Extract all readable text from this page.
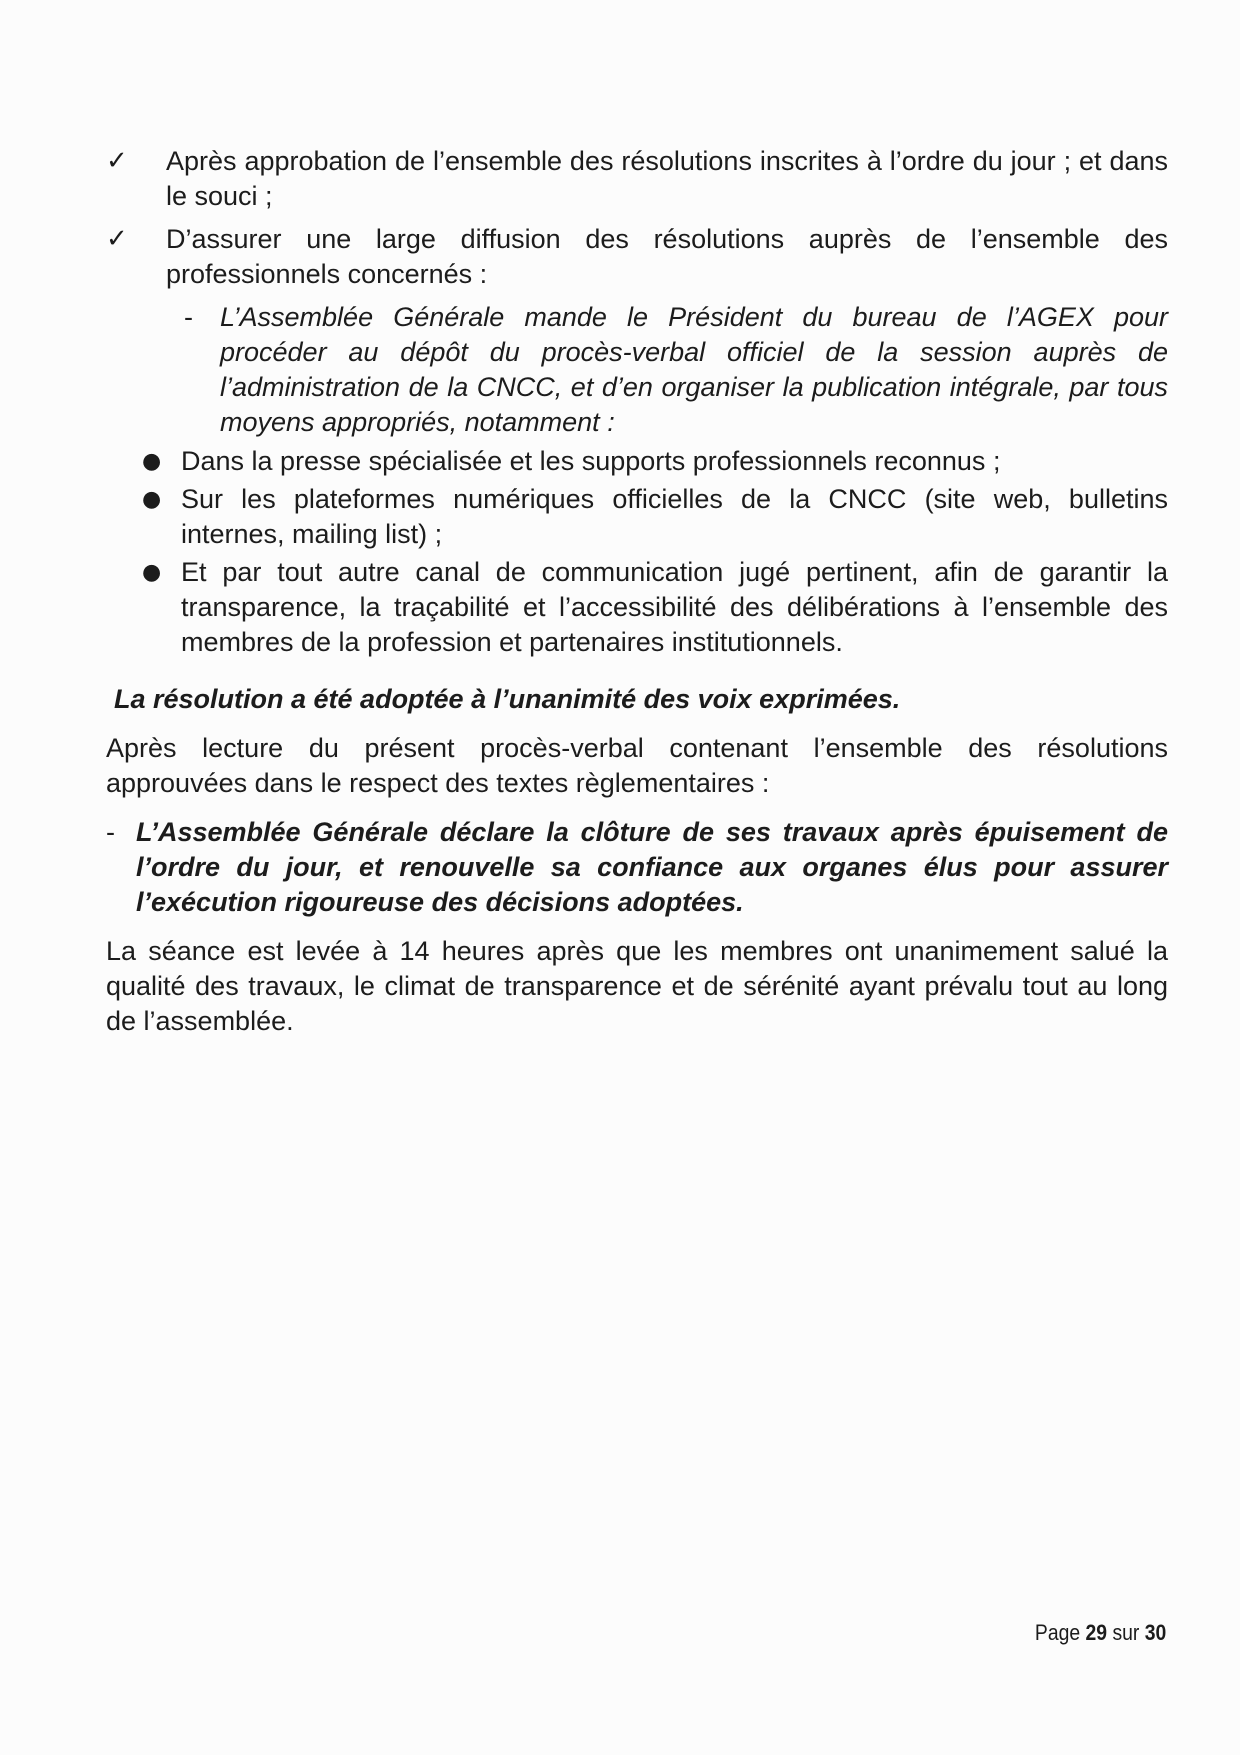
✓ Après approbation de l’ensemble des résolutions inscrites à l’ordre du jour ; et dans le souci ;
✓ D’assurer une large diffusion des résolutions auprès de l’ensemble des professionnels concernés :
- L’Assemblée Générale mande le Président du bureau de l’AGEX pour procéder au dépôt du procès-verbal officiel de la session auprès de l’administration de la CNCC, et d’en organiser la publication intégrale, par tous moyens appropriés, notamment :
● Dans la presse spécialisée et les supports professionnels reconnus ;
● Sur les plateformes numériques officielles de la CNCC (site web, bulletins internes, mailing list) ;
● Et par tout autre canal de communication jugé pertinent, afin de garantir la transparence, la traçabilité et l’accessibilité des délibérations à l’ensemble des membres de la profession et partenaires institutionnels.
La résolution a été adoptée à l’unanimité des voix exprimées.
Après lecture du présent procès-verbal contenant l’ensemble des résolutions approuvées dans le respect des textes règlementaires :
- L’Assemblée Générale déclare la clôture de ses travaux après épuisement de l’ordre du jour, et renouvelle sa confiance aux organes élus pour assurer l’exécution rigoureuse des décisions adoptées.
La séance est levée à 14 heures après que les membres ont unanimement salué la qualité des travaux, le climat de transparence et de sérénité ayant prévalu tout au long de l’assemblée.
Page 29 sur 30
